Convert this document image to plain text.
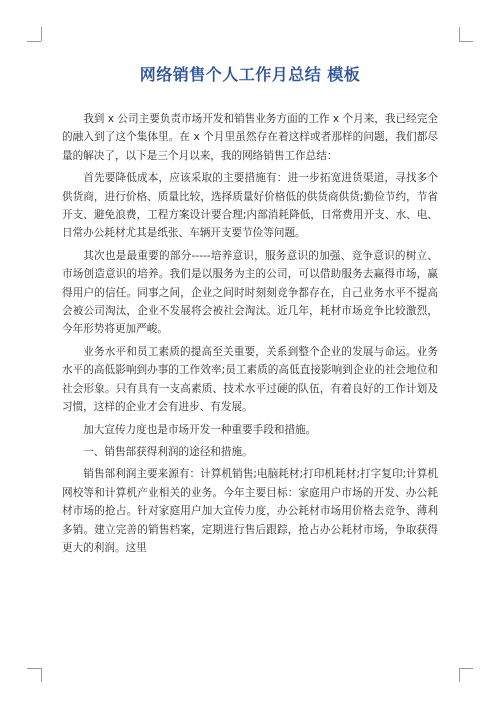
网络销售个人工作月总结 模板

我到 x 公司主要负责市场开发和销售业务方面的工作 x 个月来，我已经完全的融入到了这个集体里。在 x 个月里虽然存在着这样或者那样的问题，我们都尽量的解决了，以下是三个月以来，我的网络销售工作总结：

首先要降低成本，应该采取的主要措施有：进一步拓宽进货渠道，寻找多个供货商，进行价格、质量比较，选择质量好价格低的供货商供货;勤俭节约，节省开支、避免浪费，工程方案设计要合理;内部消耗降低，日常费用开支、水、电、日常办公耗材尤其是纸张、车辆开支要节俭等问题。

其次也是最重要的部分-----培养意识，服务意识的加强、竞争意识的树立、市场创造意识的培养。我们是以服务为主的公司，可以借助服务去赢得市场，赢得用户的信任。同事之间，企业之间时时刻刻竞争都存在，自己业务水平不提高会被公司淘汰，企业不发展将会被社会淘汰。近几年，耗材市场竞争比较激烈，今年形势将更加严峻。

业务水平和员工素质的提高至关重要，关系到整个企业的发展与命运。业务水平的高低影响到办事的工作效率;员工素质的高低直接影响到企业的社会地位和社会形象。只有具有一支高素质、技术水平过硬的队伍，有着良好的工作计划及习惯，这样的企业才会有进步、有发展。

加大宣传力度也是市场开发一种重要手段和措施。

一、销售部获得利润的途径和措施。

销售部利润主要来源有：计算机销售;电脑耗材;打印机耗材;打字复印;计算机网校等和计算机产业相关的业务。今年主要目标：家庭用户市场的开发、办公耗材市场的抢占。针对家庭用户加大宣传力度，办公耗材市场用价格去竞争、薄利多销。建立完善的销售档案，定期进行售后跟踪，抢占办公耗材市场，争取获得更大的利润。这里
